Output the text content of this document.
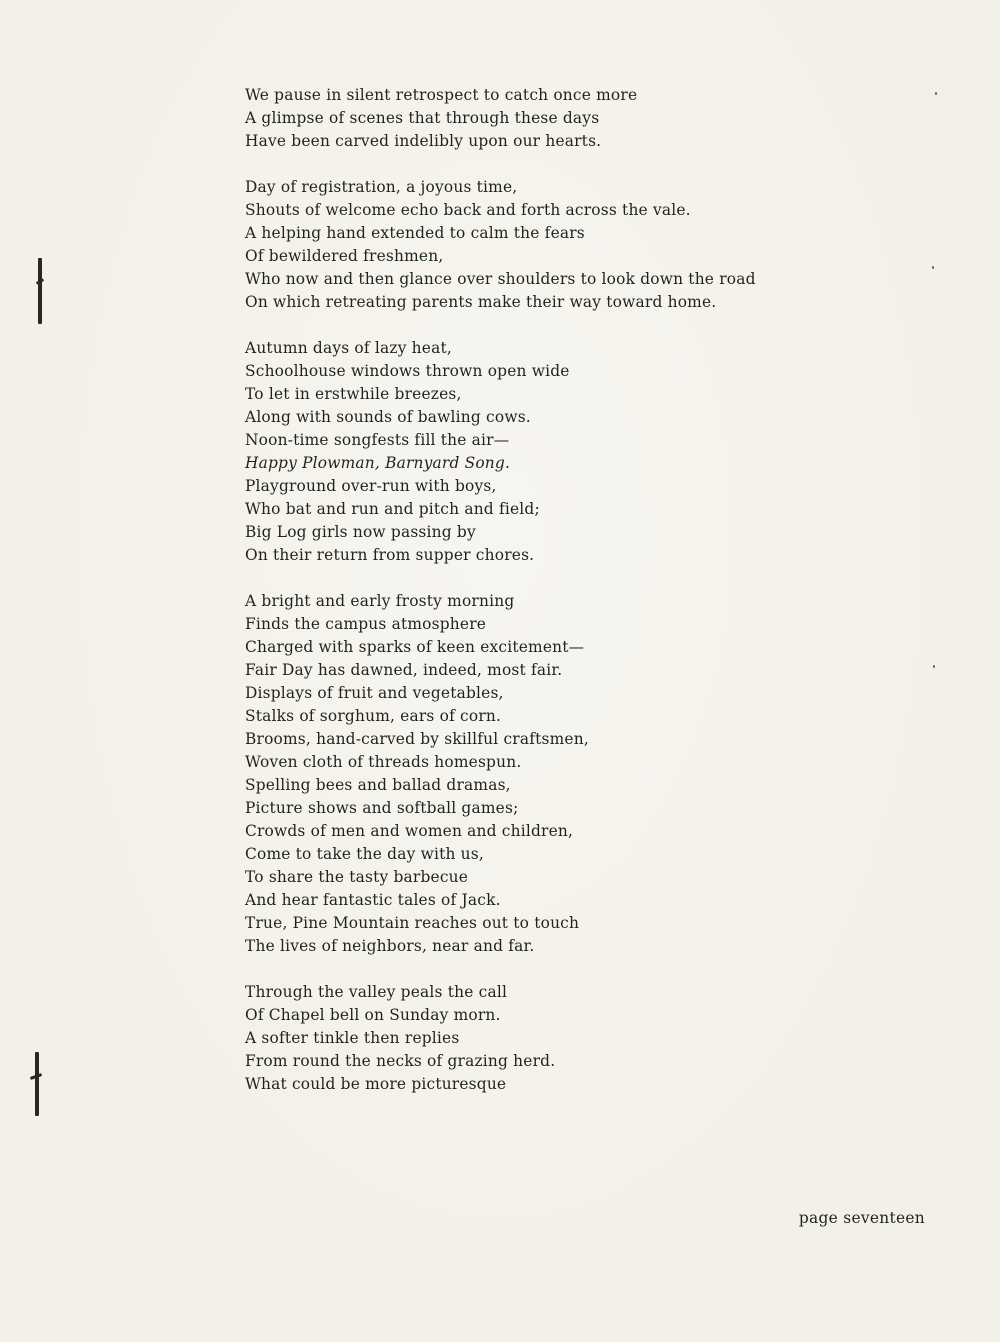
We pause in silent retrospect to catch once more
A glimpse of scenes that through these days
Have been carved indelibly upon our hearts.
Day of registration, a joyous time,
Shouts of welcome echo back and forth across the vale.
A helping hand extended to calm the fears
Of bewildered freshmen,
Who now and then glance over shoulders to look down the road
On which retreating parents make their way toward home.
Autumn days of lazy heat,
Schoolhouse windows thrown open wide
To let in erstwhile breezes,
Along with sounds of bawling cows.
Noon-time songfests fill the air—
Happy Plowman, Barnyard Song.
Playground over-run with boys,
Who bat and run and pitch and field;
Big Log girls now passing by
On their return from supper chores.
A bright and early frosty morning
Finds the campus atmosphere
Charged with sparks of keen excitement—
Fair Day has dawned, indeed, most fair.
Displays of fruit and vegetables,
Stalks of sorghum, ears of corn.
Brooms, hand-carved by skillful craftsmen,
Woven cloth of threads homespun.
Spelling bees and ballad dramas,
Picture shows and softball games;
Crowds of men and women and children,
Come to take the day with us,
To share the tasty barbecue
And hear fantastic tales of Jack.
True, Pine Mountain reaches out to touch
The lives of neighbors, near and far.
Through the valley peals the call
Of Chapel bell on Sunday morn.
A softer tinkle then replies
From round the necks of grazing herd.
What could be more picturesque
page seventeen
